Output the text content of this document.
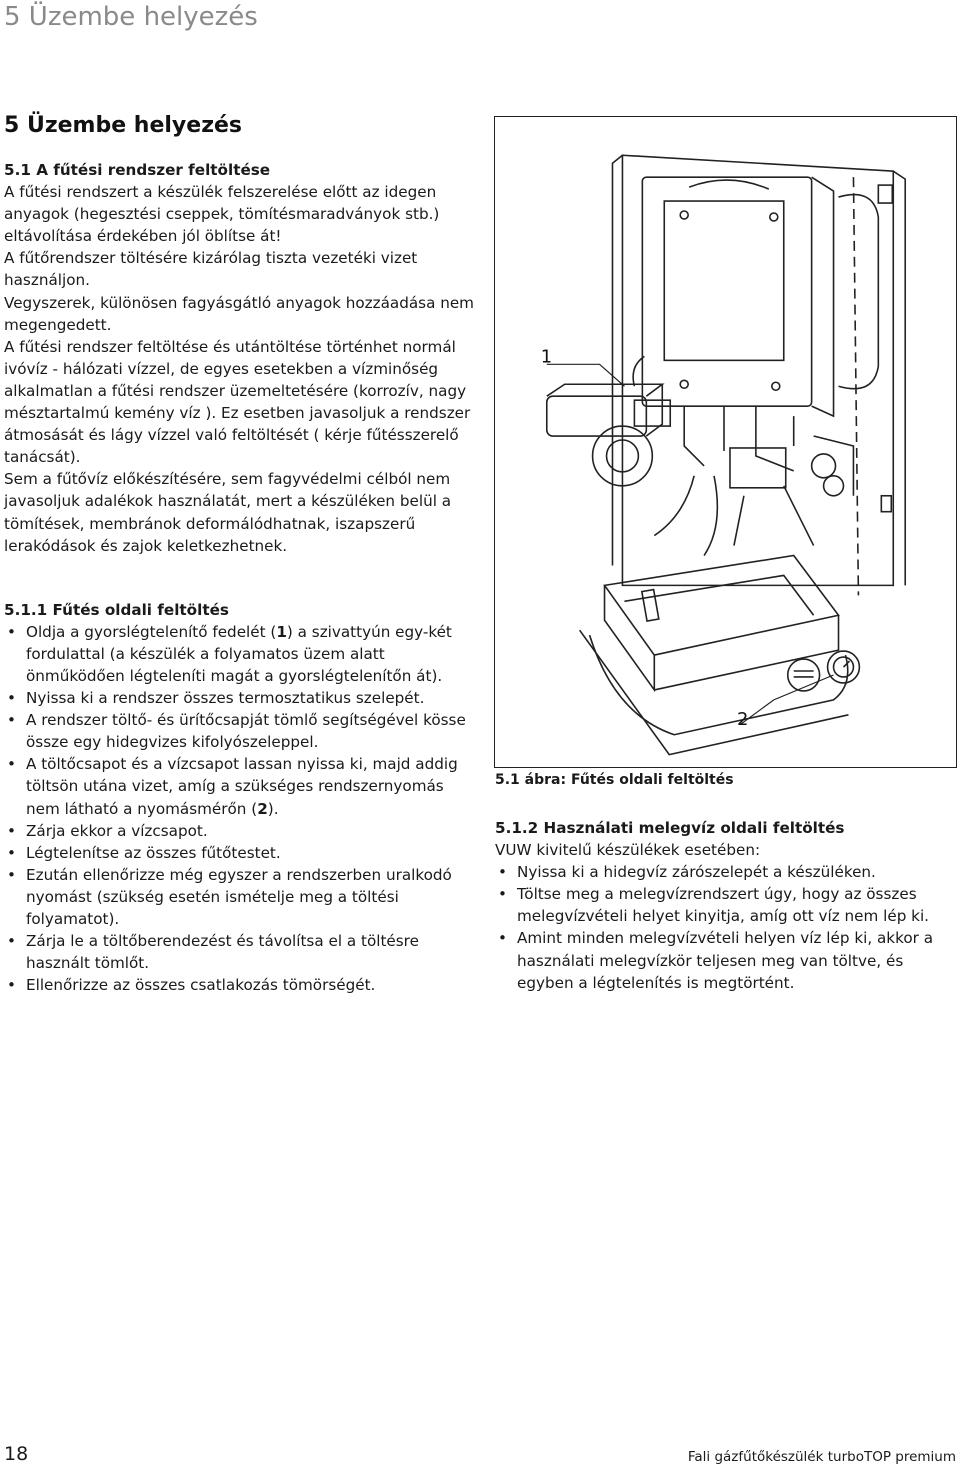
5 Üzembe helyezés
5 Üzembe helyezés

5.1 A fűtési rendszer feltöltése

A fűtési rendszert a készülék felszerelése előtt az idegen anyagok (hegesztési cseppek, tömítésmaradványok stb.) eltávolítása érdekében jól öblítse át!

A fűtőrendszer töltésére kizárólag tiszta vezetéki vizet használjon.

Vegyszerek, különösen fagyásgátló anyagok hozzáadása nem megengedett.

A fűtési rendszer feltöltése és utántöltése történhet normál ivóvíz - hálózati vízzel, de egyes esetekben a vízminőség alkalmatlan a fűtési rendszer üzemeltetésére (korrozív, nagy mésztartalmú kemény víz ). Ez esetben javasoljuk a rendszer átmosását és lágy vízzel való feltöltését ( kérje fűtésszerelő tanácsát).

Sem a fűtővíz előkészítésére, sem fagyvédelmi célból nem javasoljuk adalékok használatát, mert a készüléken belül a tömítések, membránok deformálódhatnak, iszapszerű lerakódások és zajok keletkezhetnek.

5.1.1 Fűtés oldali feltöltés

• Oldja a gyorslégtelenítő fedelét (1) a szivattyún egy-két fordulattal (a készülék a folyamatos üzem alatt önműködően légteleníti magát a gyorslégtelenítőn át).
• Nyissa ki a rendszer összes termosztatikus szelepét.
• A rendszer töltő- és ürítőcsapját tömlő segítségével kösse össze egy hidegvizes kifolyószeleppel.
• A töltőcsapot és a vízcsapot lassan nyissa ki, majd addig töltsön utána vizet, amíg a szükséges rendszernyomás nem látható a nyomásmérőn (2).
• Zárja ekkor a vízcsapot.
• Légtelenítse az összes fűtőtestet.
• Ezután ellenőrizze még egyszer a rendszerben uralkodó nyomást (szükség esetén ismételje meg a töltési folyamatot).
• Zárja le a töltőberendezést és távolítsa el a töltésre használt tömlőt.
• Ellenőrizze az összes csatlakozás tömörségét.
1
2
5.1 ábra: Fűtés oldali feltöltés

5.1.2 Használati melegvíz oldali feltöltés

VUW kivitelű készülékek esetében:

• Nyissa ki a hidegvíz zárószelepét a készüléken.
• Töltse meg a melegvízrendszert úgy, hogy az összes melegvízvételi helyet kinyitja, amíg ott víz nem lép ki.
• Amint minden melegvízvételi helyen víz lép ki, akkor a használati melegvízkör teljesen meg van töltve, és egyben a légtelenítés is megtörtént.
18	Fali gázfűtőkészülék turboTOP premium
